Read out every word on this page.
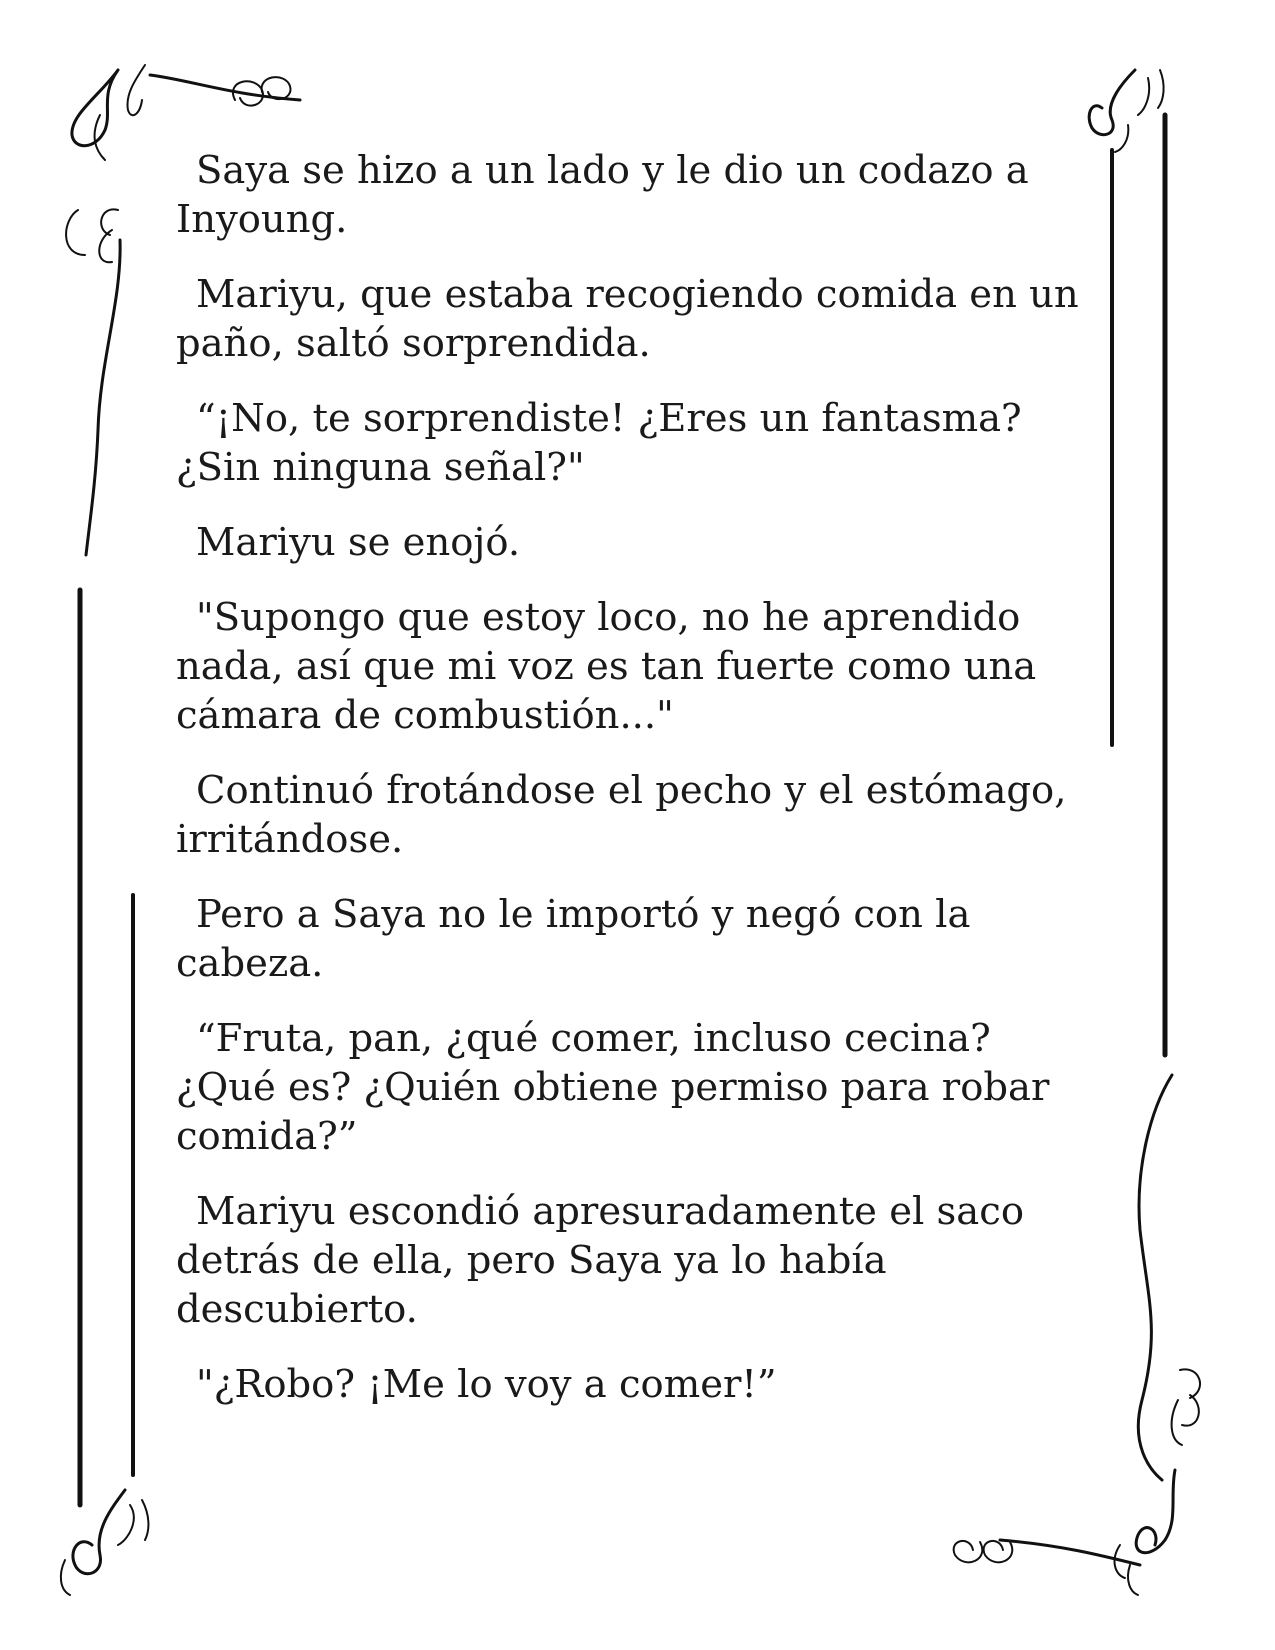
Saya se hizo a un lado y le dio un codazo a Inyoung.

Mariyu, que estaba recogiendo comida en un paño, saltó sorprendida.

“¡No, te sorprendiste! ¿Eres un fantasma? ¿Sin ninguna señal?"

Mariyu se enojó.

"Supongo que estoy loco, no he aprendido nada, así que mi voz es tan fuerte como una cámara de combustión..."

Continuó frotándose el pecho y el estómago, irritándose.

Pero a Saya no le importó y negó con la cabeza.

“Fruta, pan, ¿qué comer, incluso cecina? ¿Qué es? ¿Quién obtiene permiso para robar comida?”

Mariyu escondió apresuradamente el saco detrás de ella, pero Saya ya lo había descubierto.

"¿Robo? ¡Me lo voy a comer!”
